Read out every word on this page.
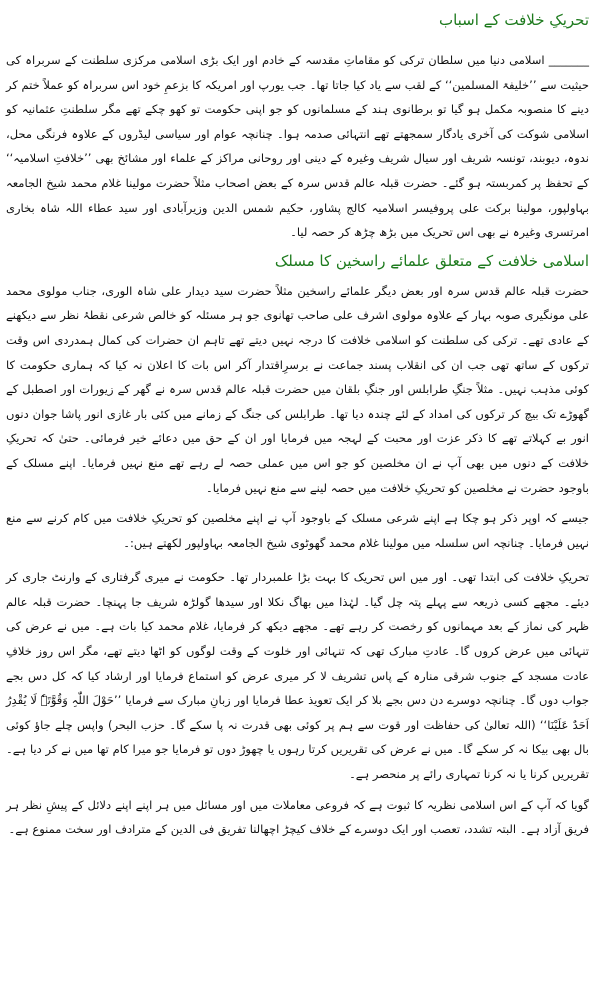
تحریکِ خلافت کے اسباب

_______ اسلامی دنیا میں سلطان ترکی کو مقاماتِ مقدسہ کے خادم اور ایک بڑی اسلامی مرکزی سلطنت کے سربراہ کی حیثیت سے ’’خلیفۃ المسلمین‘‘ کے لقب سے یاد کیا جاتا تھا۔ جب یورپ اور امریکہ کا بزعمِ خود اس سربراہ کو عملاً ختم کر دینے کا منصوبہ مکمل ہو گیا تو برطانوی ہند کے مسلمانوں کو جو اپنی حکومت تو کھو چکے تھے مگر سلطنتِ عثمانیہ کو اسلامی شوکت کی آخری یادگار سمجھتے تھے انتہائی صدمہ ہوا۔ چنانچہ عوام اور سیاسی لیڈروں کے علاوہ فرنگی محل، ندوہ، دیوبند، تونسہ شریف اور سیال شریف وغیرہ کے دینی اور روحانی مراکز کے علماء اور مشائخ بھی ’’خلافتِ اسلامیہ‘‘ کے تحفظ پر کمربستہ ہو گئے۔ حضرت قبلہ عالم قدس سرہ کے بعض اصحاب مثلاً حضرت مولینا غلام محمد شیخ الجامعہ بہاولپور، مولینا برکت علی پروفیسر اسلامیہ کالج پشاور، حکیم شمس الدین وزیرآبادی اور سید عطاء اللہ شاہ بخاری امرتسری وغیرہ نے بھی اس تحریک میں بڑھ چڑھ کر حصہ لیا۔

اسلامی خلافت کے متعلق علمائے راسخین کا مسلک

حضرت قبلہ عالم قدس سرہ اور بعض دیگر علمائے راسخین مثلاً حضرت سید دیدار علی شاہ الوری، جناب مولوی محمد علی مونگیری صوبہ بہار کے علاوہ مولوی اشرف علی صاحب تھانوی جو ہر مسئلہ کو خالص شرعی نقطۂ نظر سے دیکھنے کے عادی تھے۔ ترکی کی سلطنت کو اسلامی خلافت کا درجہ نہیں دیتے تھے تاہم ان حضرات کی کمال ہمدردی اس وقت ترکوں کے ساتھ تھی جب ان کی انقلاب پسند جماعت نے برسرِاقتدار آکر اس بات کا اعلان نہ کیا کہ ہماری حکومت کا کوئی مذہب نہیں۔ مثلاً جنگِ طرابلس اور جنگِ بلقان میں حضرت قبلہ عالم قدس سرہ نے گھر کے زیورات اور اصطبل کے گھوڑے تک بیچ کر ترکوں کی امداد کے لئے چندہ دیا تھا۔ طرابلس کی جنگ کے زمانے میں کئی بار غازی انور پاشا جوان دنوں انور بے کہلاتے تھے کا ذکر عزت اور محبت کے لہجہ میں فرمایا اور ان کے حق میں دعائے خیر فرمائی۔ حتیٰ کہ تحریکِ خلافت کے دنوں میں بھی آپ نے ان مخلصین کو جو اس میں عملی حصہ لے رہے تھے منع نہیں فرمایا۔ اپنے مسلک کے باوجود حضرت نے مخلصین کو تحریکِ خلافت میں حصہ لینے سے منع نہیں فرمایا۔

جیسے کہ اوپر ذکر ہو چکا ہے اپنے شرعی مسلک کے باوجود آپ نے اپنے مخلصین کو تحریکِ خلافت میں کام کرنے سے منع نہیں فرمایا۔ چنانچہ اس سلسلہ میں مولینا غلام محمد گھوٹوی شیخ الجامعہ بہاولپور لکھتے ہیں:۔

تحریکِ خلافت کی ابتدا تھی۔ اور میں اس تحریک کا بہت بڑا علمبردار تھا۔ حکومت نے میری گرفتاری کے وارنٹ جاری کر دیئے۔ مجھے کسی ذریعہ سے پہلے پتہ چل گیا۔ لہٰذا میں بھاگ نکلا اور سیدھا گولڑہ شریف جا پہنچا۔ حضرت قبلہ عالم ظہر کی نماز کے بعد مہمانوں کو رخصت کر رہے تھے۔ مجھے دیکھ کر فرمایا، غلام محمد کیا بات ہے۔ میں نے عرض کی تنہائی میں عرض کروں گا۔ عادتِ مبارک تھی کہ تنہائی اور خلوت کے وقت لوگوں کو اٹھا دیتے تھے، مگر اس روز خلافِ عادت مسجد کے جنوب شرقی منارہ کے پاس تشریف لا کر میری عرض کو استماع فرمایا اور ارشاد کیا کہ کل دس بجے جواب دوں گا۔ چنانچہ دوسرے دن دس بجے بلا کر ایک تعویذ عطا فرمایا اور زبانِ مبارک سے فرمایا ’’حَوْلَ اللّٰہِ وَقُوَّتَہٗ لَا یُقْدِرُ اَحَدٌ عَلَیْنَا‘‘ (اللہ تعالیٰ کی حفاظت اور قوت سے ہم پر کوئی بھی قدرت نہ پا سکے گا۔ حزب البحر) واپس چلے جاؤ کوئی بال بھی بیکا نہ کر سکے گا۔ میں نے عرض کی تقریریں کرتا رہوں یا چھوڑ دوں تو فرمایا جو میرا کام تھا میں نے کر دیا ہے۔ تقریریں کرنا یا نہ کرنا تمہاری رائے پر منحصر ہے۔

گویا کہ آپ کے اس اسلامی نظریہ کا ثبوت ہے کہ فروعی معاملات میں اور مسائل میں ہر اپنے اپنے دلائل کے پیشِ نظر ہر فریق آزاد ہے۔ البتہ تشدد، تعصب اور ایک دوسرے کے خلاف کیچڑ اچھالنا تفریق فی الدین کے مترادف اور سخت ممنوع ہے۔
